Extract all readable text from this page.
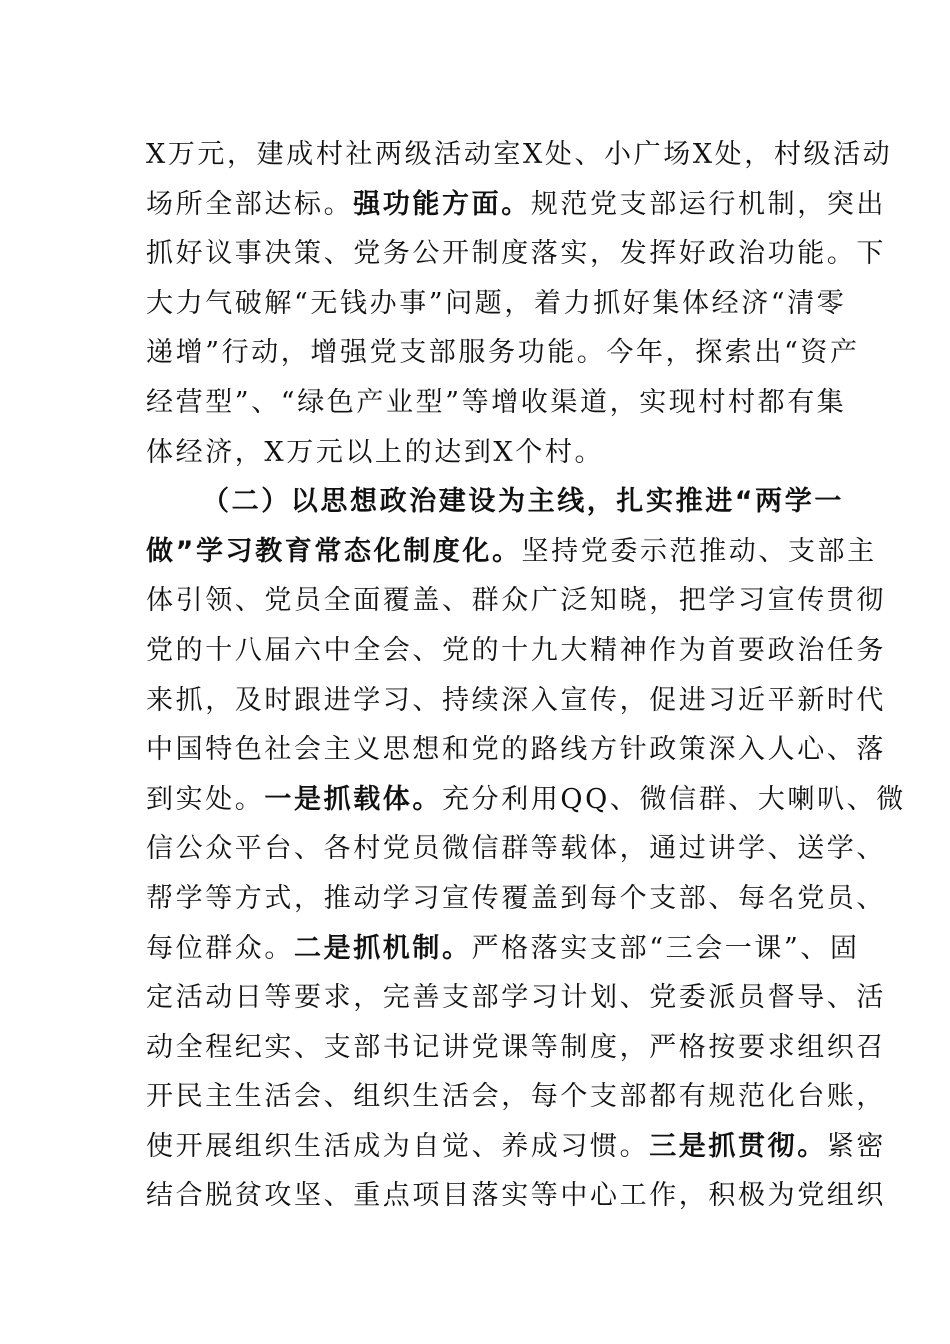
X万元，建成村社两级活动室X处、小广场X处，村级活动
场所全部达标。强功能方面。规范党支部运行机制，突出
抓好议事决策、党务公开制度落实，发挥好政治功能。下
大力气破解“无钱办事”问题，着力抓好集体经济“清零
递增”行动，增强党支部服务功能。今年，探索出“资产
经营型”、“绿色产业型”等增收渠道，实现村村都有集
体经济，X万元以上的达到X个村。
（二）以思想政治建设为主线，扎实推进“两学一
做”学习教育常态化制度化。坚持党委示范推动、支部主
体引领、党员全面覆盖、群众广泛知晓，把学习宣传贯彻
党的十八届六中全会、党的十九大精神作为首要政治任务
来抓，及时跟进学习、持续深入宣传，促进习近平新时代
中国特色社会主义思想和党的路线方针政策深入人心、落
到实处。一是抓载体。充分利用QQ、微信群、大喇叭、微
信公众平台、各村党员微信群等载体，通过讲学、送学、
帮学等方式，推动学习宣传覆盖到每个支部、每名党员、
每位群众。二是抓机制。严格落实支部“三会一课”、固
定活动日等要求，完善支部学习计划、党委派员督导、活
动全程纪实、支部书记讲党课等制度，严格按要求组织召
开民主生活会、组织生活会，每个支部都有规范化台账，
使开展组织生活成为自觉、养成习惯。三是抓贯彻。紧密
结合脱贫攻坚、重点项目落实等中心工作，积极为党组织
